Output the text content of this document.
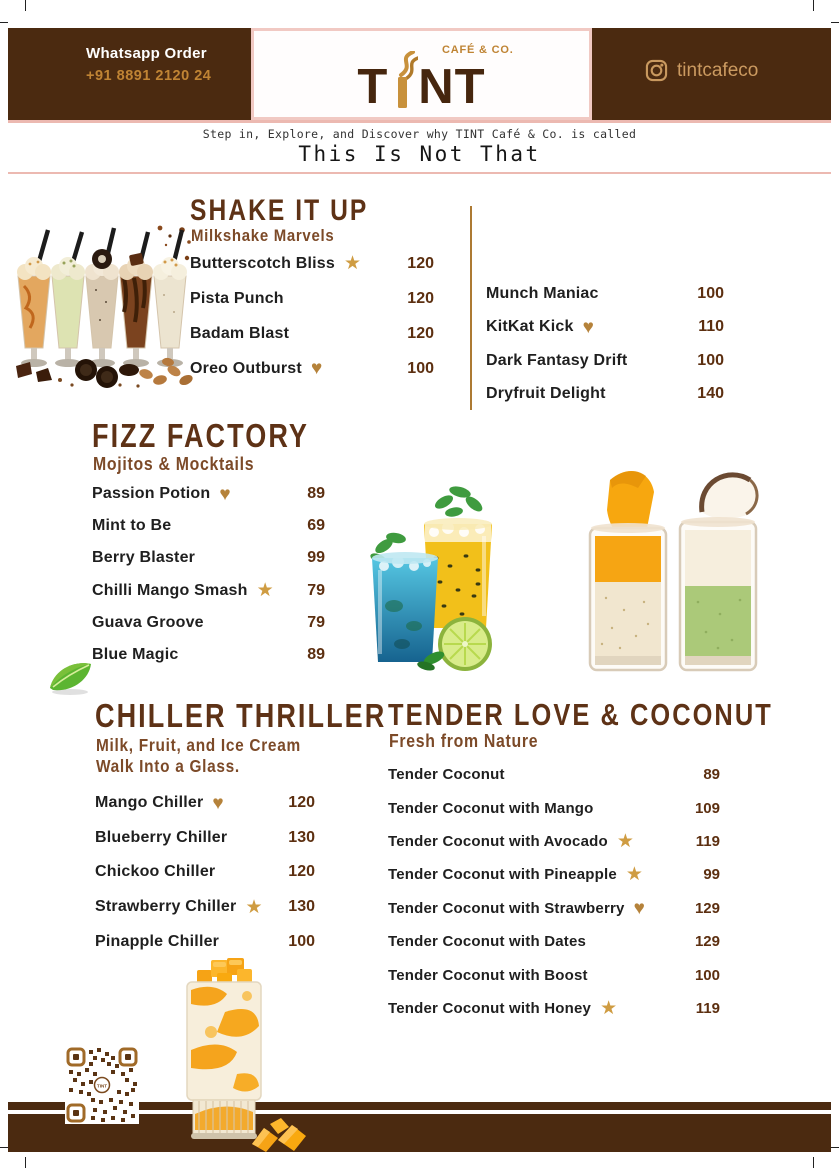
Whatsapp Order
+91 8891 2120 24	T NT
CAFÉ & CO.
tintcafeco
Step in, Explore, and Discover why TINT Café & Co. is called
This Is Not That
SHAKE IT UP
Milkshake Marvels
Butterscotch Bliss ★	120
Pista Punch	120
Badam Blast	120
Oreo Outburst ♥	100
Munch Maniac	100
KitKat Kick ♥	110
Dark Fantasy Drift	100
Dryfruit Delight	140
FIZZ FACTORY
Mojitos & Mocktails
Passion Potion ♥	89
Mint to Be	69
Berry Blaster	99
Chilli Mango Smash ★ 79
Guava Groove	79
Blue Magic	89
CHILLER THRILLER
Milk, Fruit, and Ice Cream
Walk Into a Glass.
Mango Chiller ♥	120
Blueberry Chiller	130
Chickoo Chiller	120
Strawberry Chiller ★ 130
Pinapple Chiller	100
TENDER LOVE & COCONUT
Fresh from Nature
Tender Coconut	89
Tender Coconut with Mango	109
Tender Coconut with Avocado ★	119
Tender Coconut with Pineapple ★	99
Tender Coconut with Strawberry ♥	129
Tender Coconut with Dates	129
Tender Coconut with Boost	100
Tender Coconut with Honey ★	119
TINT
